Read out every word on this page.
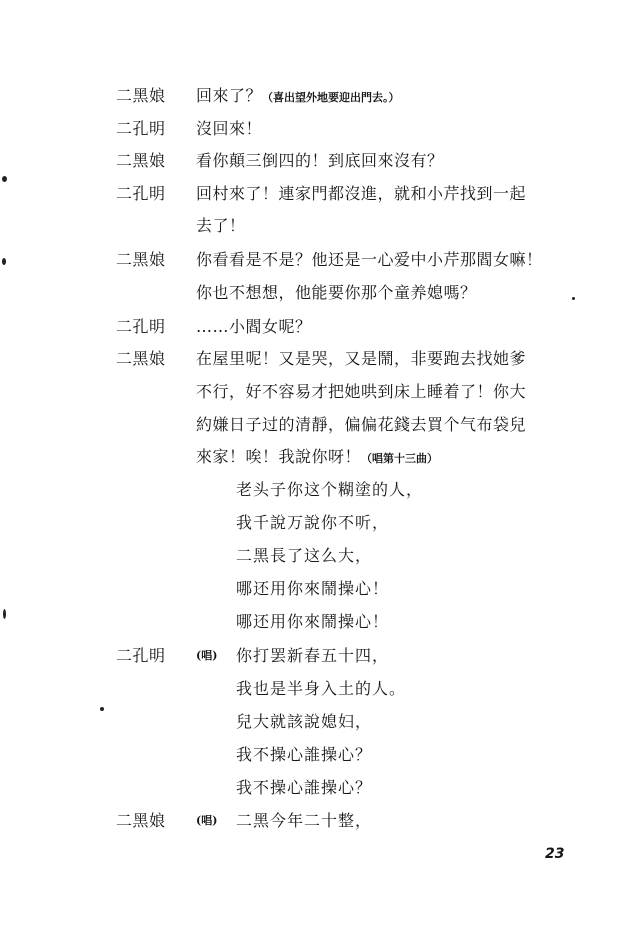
二黑娘 回來了？（喜出望外地要迎出門去。）
二孔明 沒回來！
二黑娘 看你顛三倒四的！到底回來沒有？
二孔明 回村來了！連家門都沒進，就和小芹找到一起
去了！
二黑娘 你看看是不是？他还是一心爱中小芹那閻女嘛！
你也不想想，他能要你那个童养媳嗎？
二孔明 ……小閻女呢？
二黑娘 在屋里呢！又是哭，又是鬧，非要跑去找她爹
不行，好不容易才把她哄到床上睡着了！你大
約嫌日子过的清靜，偏偏花錢去買个气布袋兒
來家！唉！我說你呀！（唱第十三曲）
老头子你这个糊塗的人，
我千說万說你不听，
二黑長了这么大，
哪还用你來鬧操心！
哪还用你來鬧操心！
二孔明	(唱) 你打罢新春五十四，
我也是半身入土的人。
兒大就該說媳妇，
我不操心誰操心？
我不操心誰操心？
二黑娘	(唱) 二黑今年二十整，
23
